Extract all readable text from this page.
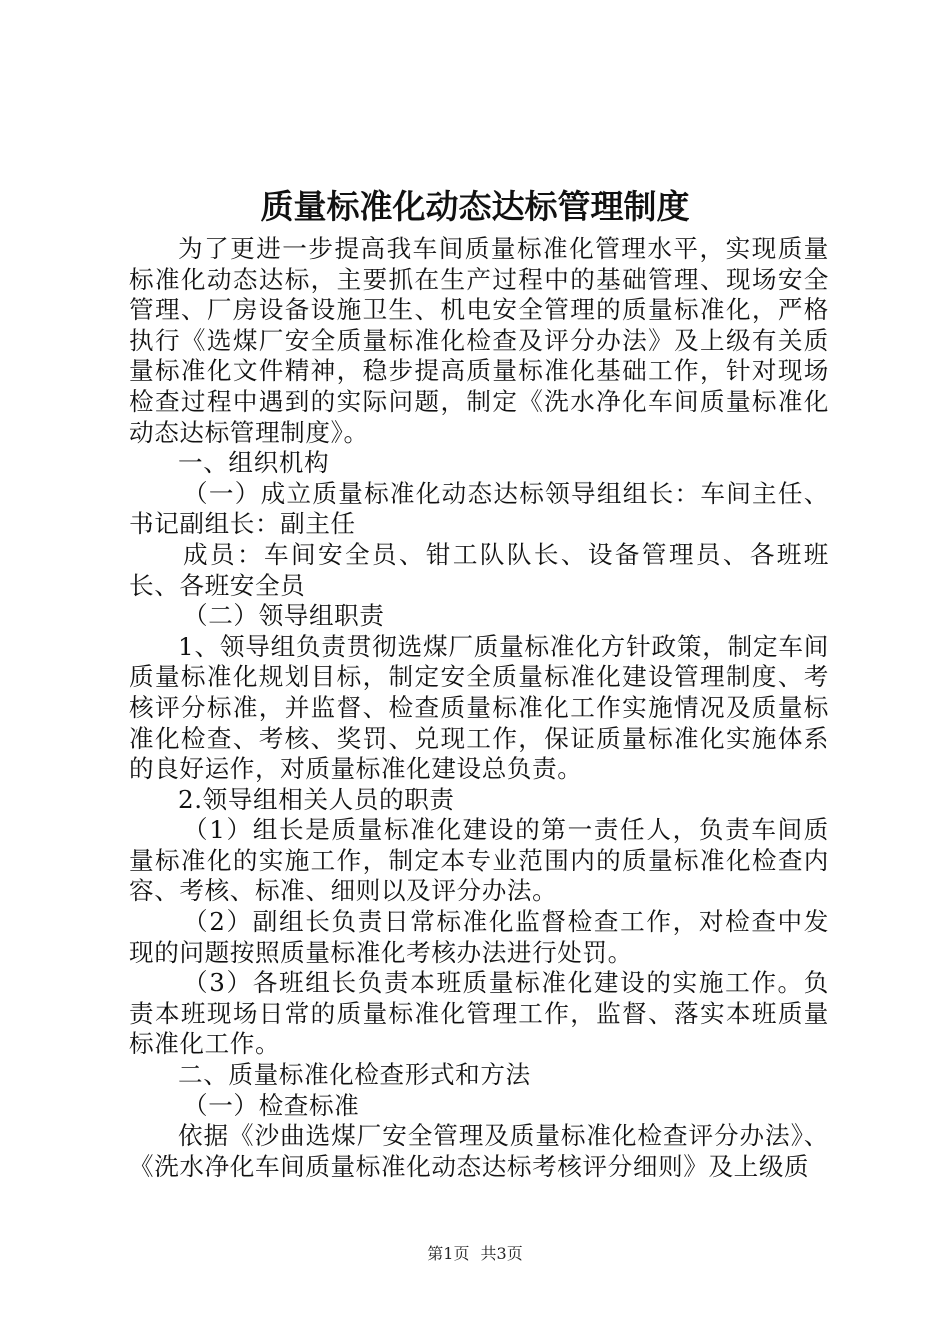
质量标准化动态达标管理制度

为了更进一步提高我车间质量标准化管理水平，实现质量标准化动态达标，主要抓在生产过程中的基础管理、现场安全管理、厂房设备设施卫生、机电安全管理的质量标准化，严格执行《选煤厂安全质量标准化检查及评分办法》及上级有关质量标准化文件精神，稳步提高质量标准化基础工作，针对现场检查过程中遇到的实际问题，制定《洗水净化车间质量标准化动态达标管理制度》。

一、组织机构

（一）成立质量标准化动态达标领导组组长：车间主任、书记副组长：副主任

成员：车间安全员、钳工队队长、设备管理员、各班班长、各班安全员

（二）领导组职责

1、领导组负责贯彻选煤厂质量标准化方针政策，制定车间质量标准化规划目标，制定安全质量标准化建设管理制度、考核评分标准，并监督、检查质量标准化工作实施情况及质量标准化检查、考核、奖罚、兑现工作，保证质量标准化实施体系的良好运作，对质量标准化建设总负责。

2.领导组相关人员的职责

（1）组长是质量标准化建设的第一责任人，负责车间质量标准化的实施工作，制定本专业范围内的质量标准化检查内容、考核、标准、细则以及评分办法。

（2）副组长负责日常标准化监督检查工作，对检查中发现的问题按照质量标准化考核办法进行处罚。

（3）各班组长负责本班质量标准化建设的实施工作。负责本班现场日常的质量标准化管理工作，监督、落实本班质量标准化工作。

二、质量标准化检查形式和方法

（一）检查标准

依据《沙曲选煤厂安全管理及质量标准化检查评分办法》、《洗水净化车间质量标准化动态达标考核评分细则》及上级质

第1页 共3页
